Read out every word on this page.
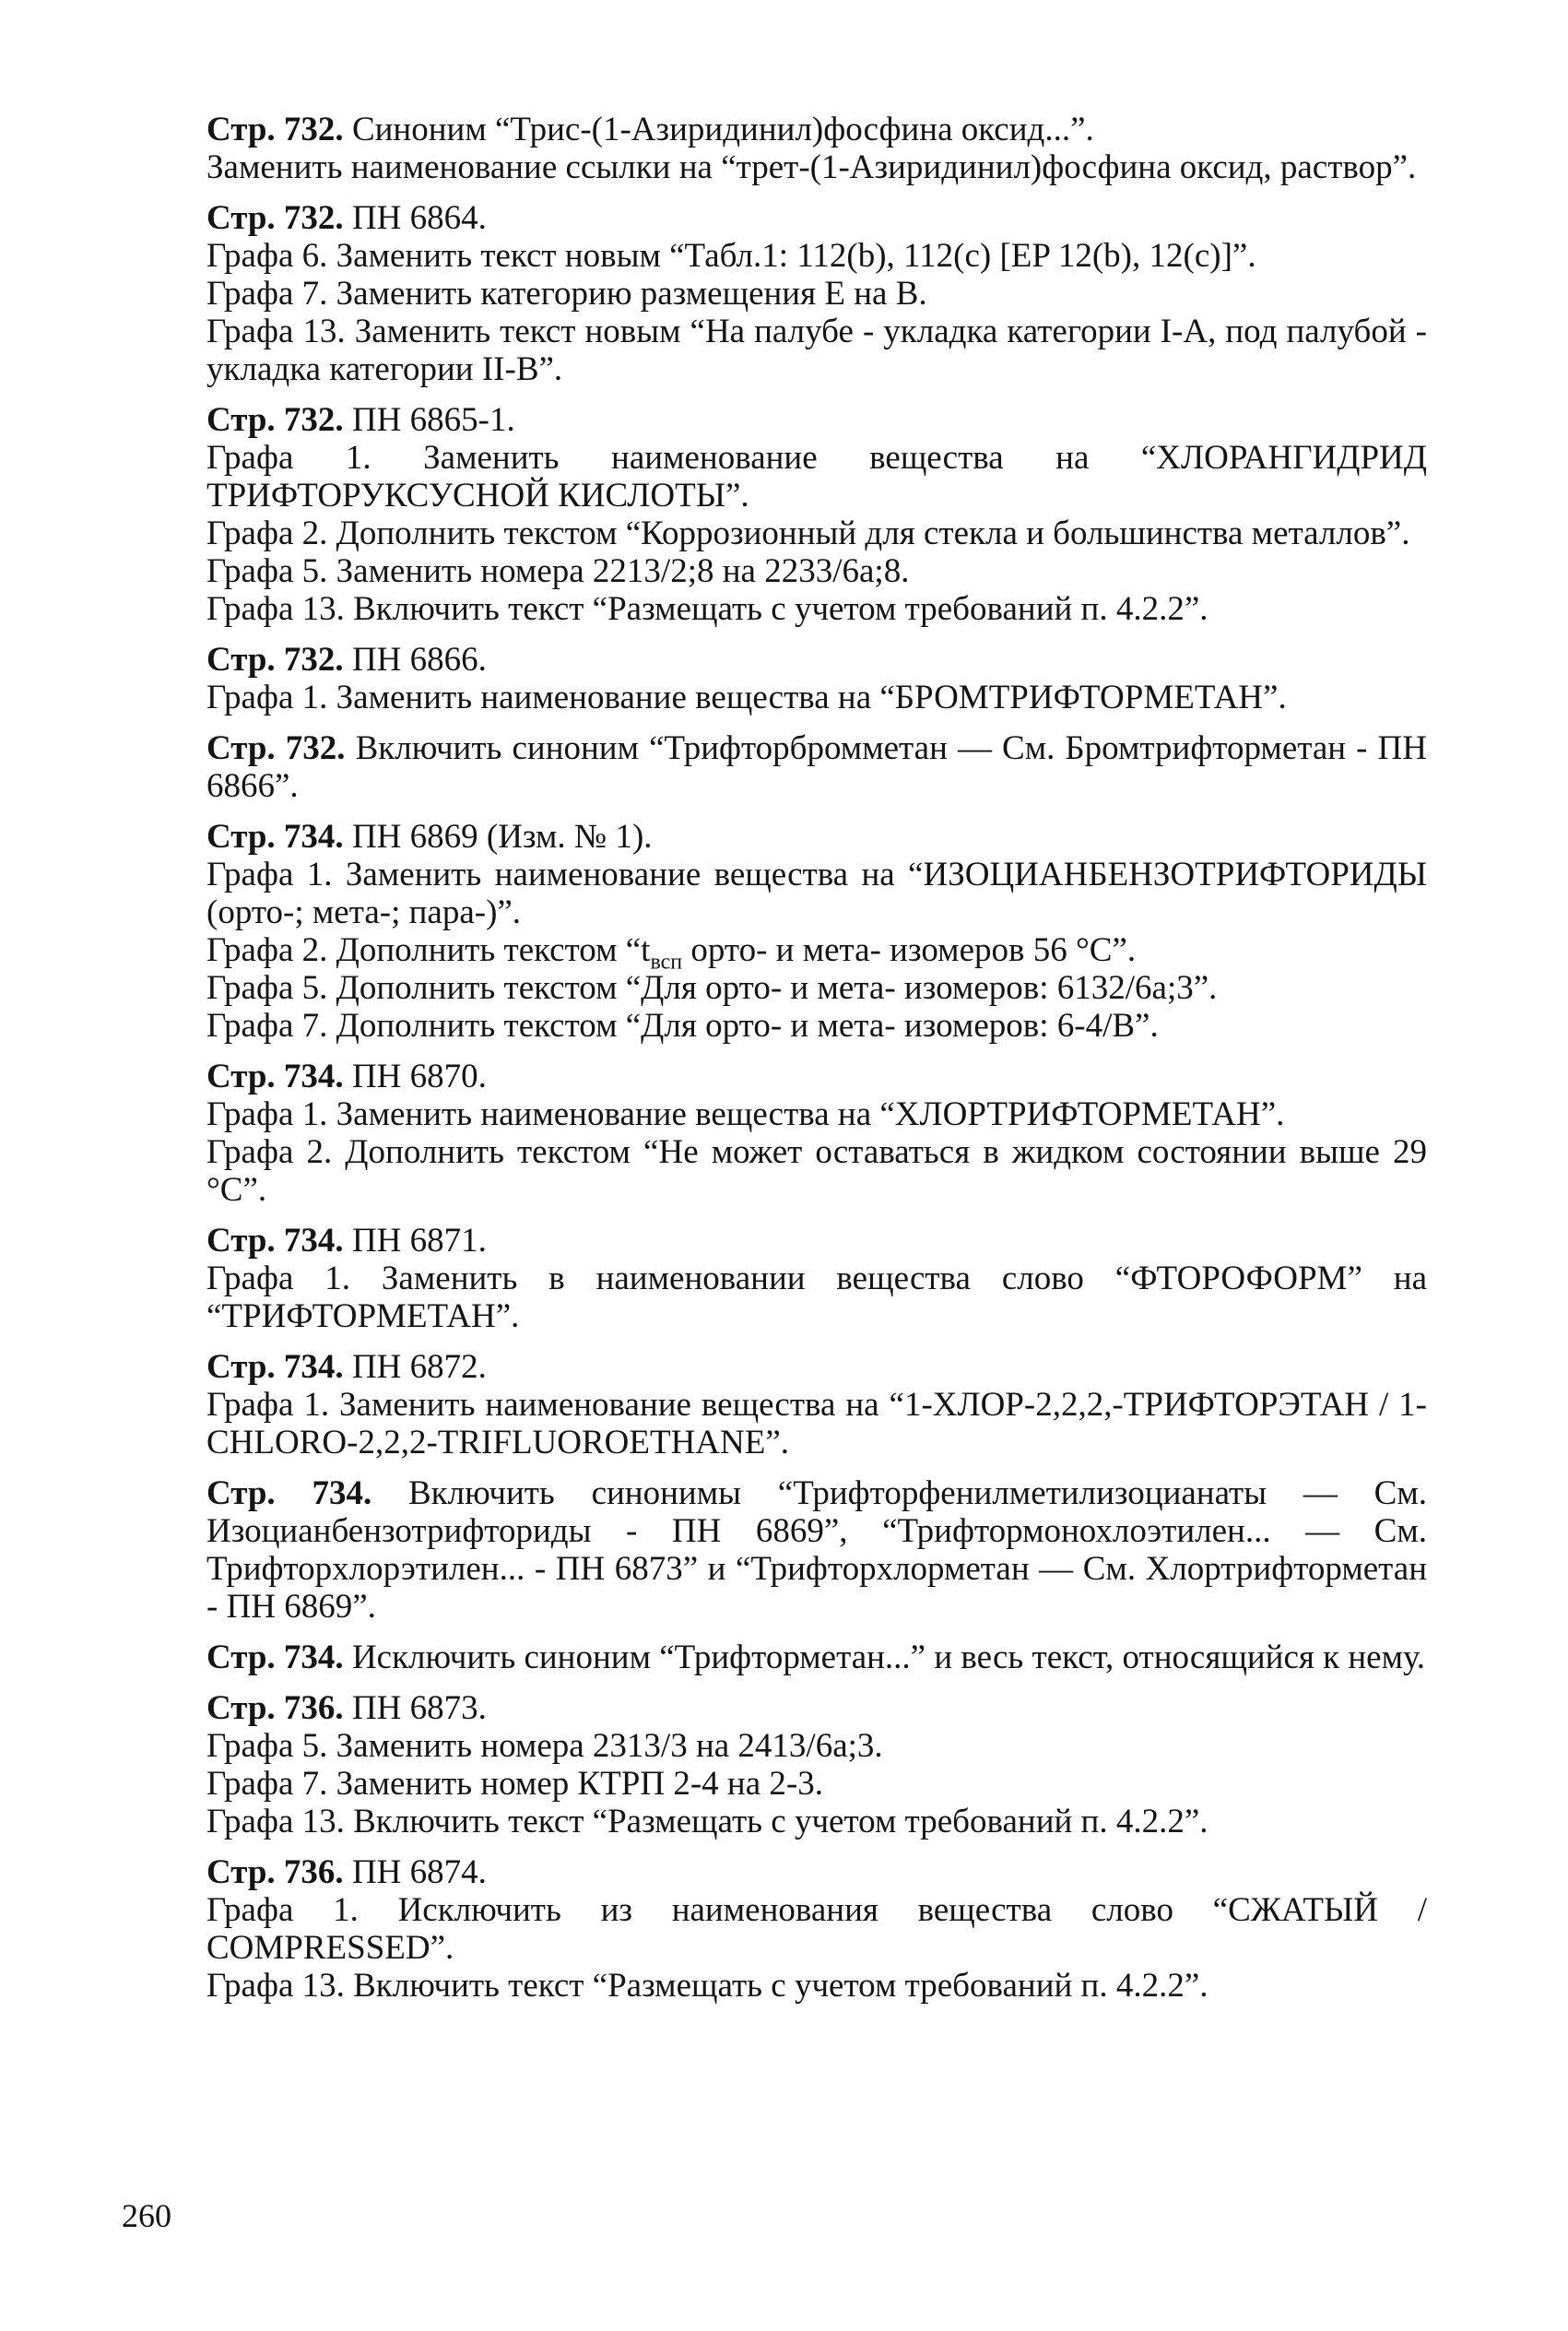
Стр. 732. Синоним “Трис-(1-Азиридинил)фосфина оксид...”.

Заменить наименование ссылки на “трет-(1-Азиридинил)фосфина оксид, раствор”.

Стр. 732. ПН 6864.

Графа 6. Заменить текст новым “Табл.1: 112(b), 112(c) [EP 12(b), 12(c)]”.

Графа 7. Заменить категорию размещения Е на В.

Графа 13. Заменить текст новым “На палубе - укладка категории I-А, под палубой - укладка категории II-В”.

Стр. 732. ПН 6865-1.

Графа 1. Заменить наименование вещества на “ХЛОРАНГИДРИД ТРИФТОРУКСУСНОЙ КИСЛОТЫ”.

Графа 2. Дополнить текстом “Коррозионный для стекла и большинства металлов”.

Графа 5. Заменить номера 2213/2;8 на 2233/6а;8.

Графа 13. Включить текст “Размещать с учетом требований п. 4.2.2”.

Стр. 732. ПН 6866.

Графа 1. Заменить наименование вещества на “БРОМТРИФТОРМЕТАН”.

Стр. 732. Включить синоним “Трифторбромметан — См. Бромтрифторметан - ПН 6866”.

Стр. 734. ПН 6869 (Изм. № 1).

Графа 1. Заменить наименование вещества на “ИЗОЦИАНБЕНЗОТРИФТОРИДЫ (орто-; мета-; пара-)”.

Графа 2. Дополнить текстом “$t_{всп}$ орто- и мета- изомеров 56 °С”.

Графа 5. Дополнить текстом “Для орто- и мета- изомеров: 6132/6а;3”.

Графа 7. Дополнить текстом “Для орто- и мета- изомеров: 6-4/В”.

Стр. 734. ПН 6870.

Графа 1. Заменить наименование вещества на “ХЛОРТРИФТОРМЕТАН”.

Графа 2. Дополнить текстом “Не может оставаться в жидком состоянии выше 29 °С”.

Стр. 734. ПН 6871.

Графа 1. Заменить в наименовании вещества слово “ФТОРОФОРМ” на “ТРИФТОРМЕТАН”.

Стр. 734. ПН 6872.

Графа 1. Заменить наименование вещества на “1-ХЛОР-2,2,2,-ТРИФТОРЭТАН / 1-CHLORO-2,2,2-TRIFLUOROETHANE”.

Стр. 734. Включить синонимы “Трифторфенилметилизоцианаты — См. Изоцианбензотрифториды - ПН 6869”, “Трифтормонохлоэтилен... — См. Трифторхлорэтилен... - ПН 6873” и “Трифторхлорметан — См. Хлортрифторметан - ПН 6869”.

Стр. 734. Исключить синоним “Трифторметан...” и весь текст, относящийся к нему.

Стр. 736. ПН 6873.

Графа 5. Заменить номера 2313/3 на 2413/6а;3.

Графа 7. Заменить номер КТРП 2-4 на 2-3.

Графа 13. Включить текст “Размещать с учетом требований п. 4.2.2”.

Стр. 736. ПН 6874.

Графа 1. Исключить из наименования вещества слово “СЖАТЫЙ / COMPRESSED”.

Графа 13. Включить текст “Размещать с учетом требований п. 4.2.2”.

260
